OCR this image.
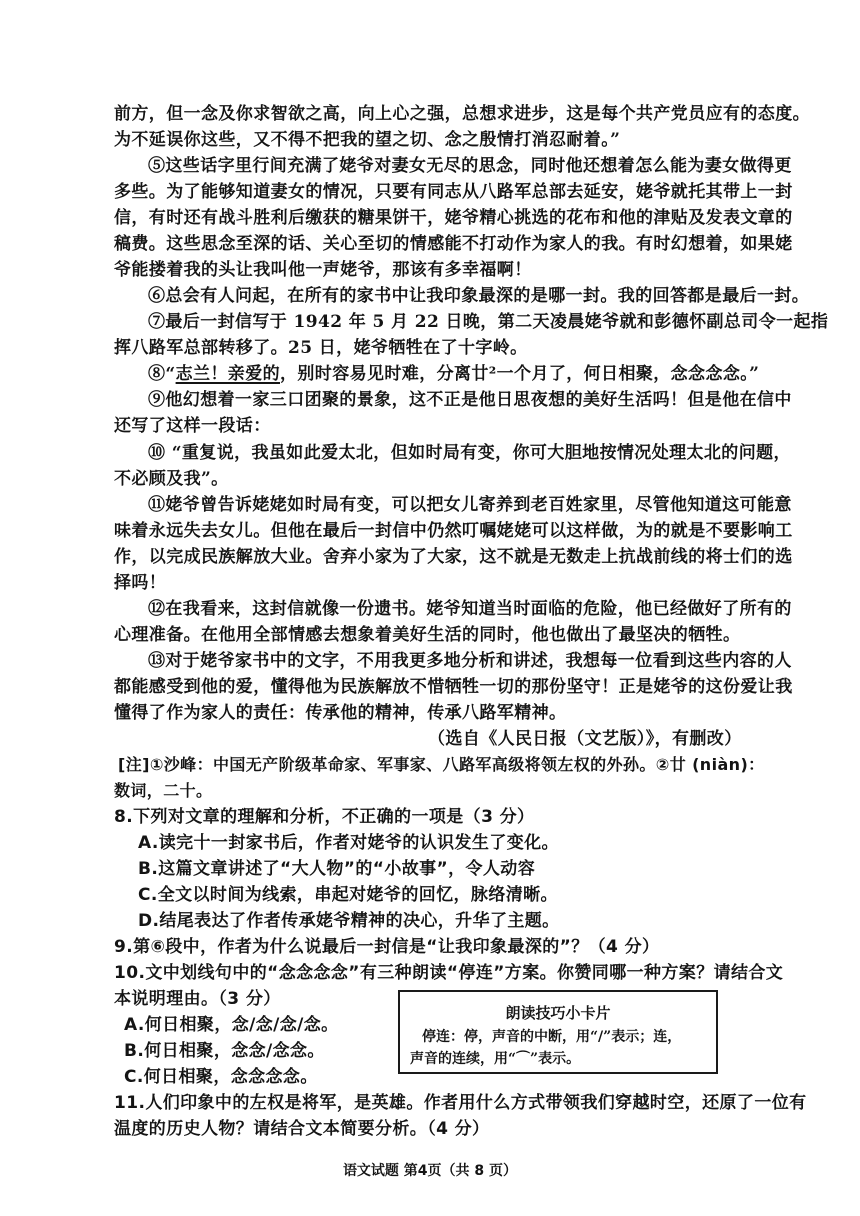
前方，但一念及你求智欲之高，向上心之强，总想求进步，这是每个共产党员应有的态度。
为不延误你这些，又不得不把我的望之切、念之殷情打消忍耐着。”
⑤这些话字里行间充满了姥爷对妻女无尽的思念，同时他还想着怎么能为妻女做得更
多些。为了能够知道妻女的情况，只要有同志从八路军总部去延安，姥爷就托其带上一封
信，有时还有战斗胜利后缴获的糖果饼干，姥爷精心挑选的花布和他的津贴及发表文章的
稿费。这些思念至深的话、关心至切的情感能不打动作为家人的我。有时幻想着，如果姥
爷能搂着我的头让我叫他一声姥爷，那该有多幸福啊！
⑥总会有人问起，在所有的家书中让我印象最深的是哪一封。我的回答都是最后一封。
⑦最后一封信写于 1942 年 5 月 22 日晚，第二天凌晨姥爷就和彭德怀副总司令一起指
挥八路军总部转移了。25 日，姥爷牺牲在了十字岭。
⑧“志兰！亲爱的，别时容易见时难，分离廿²一个月了，何日相聚，念念念念。”
⑨他幻想着一家三口团聚的景象，这不正是他日思夜想的美好生活吗！但是他在信中
还写了这样一段话：
⑩ “重复说，我虽如此爱太北，但如时局有变，你可大胆地按情况处理太北的问题，
不必顾及我”。
⑪姥爷曾告诉姥姥如时局有变，可以把女儿寄养到老百姓家里，尽管他知道这可能意
味着永远失去女儿。但他在最后一封信中仍然叮嘱姥姥可以这样做，为的就是不要影响工
作，以完成民族解放大业。舍弃小家为了大家，这不就是无数走上抗战前线的将士们的选
择吗！
⑫在我看来，这封信就像一份遗书。姥爷知道当时面临的危险，他已经做好了所有的
心理准备。在他用全部情感去想象着美好生活的同时，他也做出了最坚决的牺牲。
⑬对于姥爷家书中的文字，不用我更多地分析和讲述，我想每一位看到这些内容的人
都能感受到他的爱，懂得他为民族解放不惜牺牲一切的那份坚守！正是姥爷的这份爱让我
懂得了作为家人的责任：传承他的精神，传承八路军精神。
（选自《人民日报（文艺版）》，有删改）
[注]①沙峰：中国无产阶级革命家、军事家、八路军高级将领左权的外孙。②廿 (niàn)：
数词，二十。
8.下列对文章的理解和分析，不正确的一项是（3 分）
A.读完十一封家书后，作者对姥爷的认识发生了变化。
B.这篇文章讲述了“大人物”的“小故事”，令人动容
C.全文以时间为线索，串起对姥爷的回忆，脉络清晰。
D.结尾表达了作者传承姥爷精神的决心，升华了主题。
9.第⑥段中，作者为什么说最后一封信是“让我印象最深的”？（4 分）
10.文中划线句中的“念念念念”有三种朗读“停连”方案。你赞同哪一种方案？请结合文
本说明理由。（3 分）
A.何日相聚，念/念/念/念。
B.何日相聚，念念/念念。
朗读技巧小卡片
停连：停，声音的中断，用“/”表示；连，
声音的连续，用“⌒”表示。
C.何日相聚，念念念念。
11.人们印象中的左权是将军，是英雄。作者用什么方式带领我们穿越时空，还原了一位有
温度的历史人物？请结合文本简要分析。（4 分）
语文试题 第4页（共 8 页）
